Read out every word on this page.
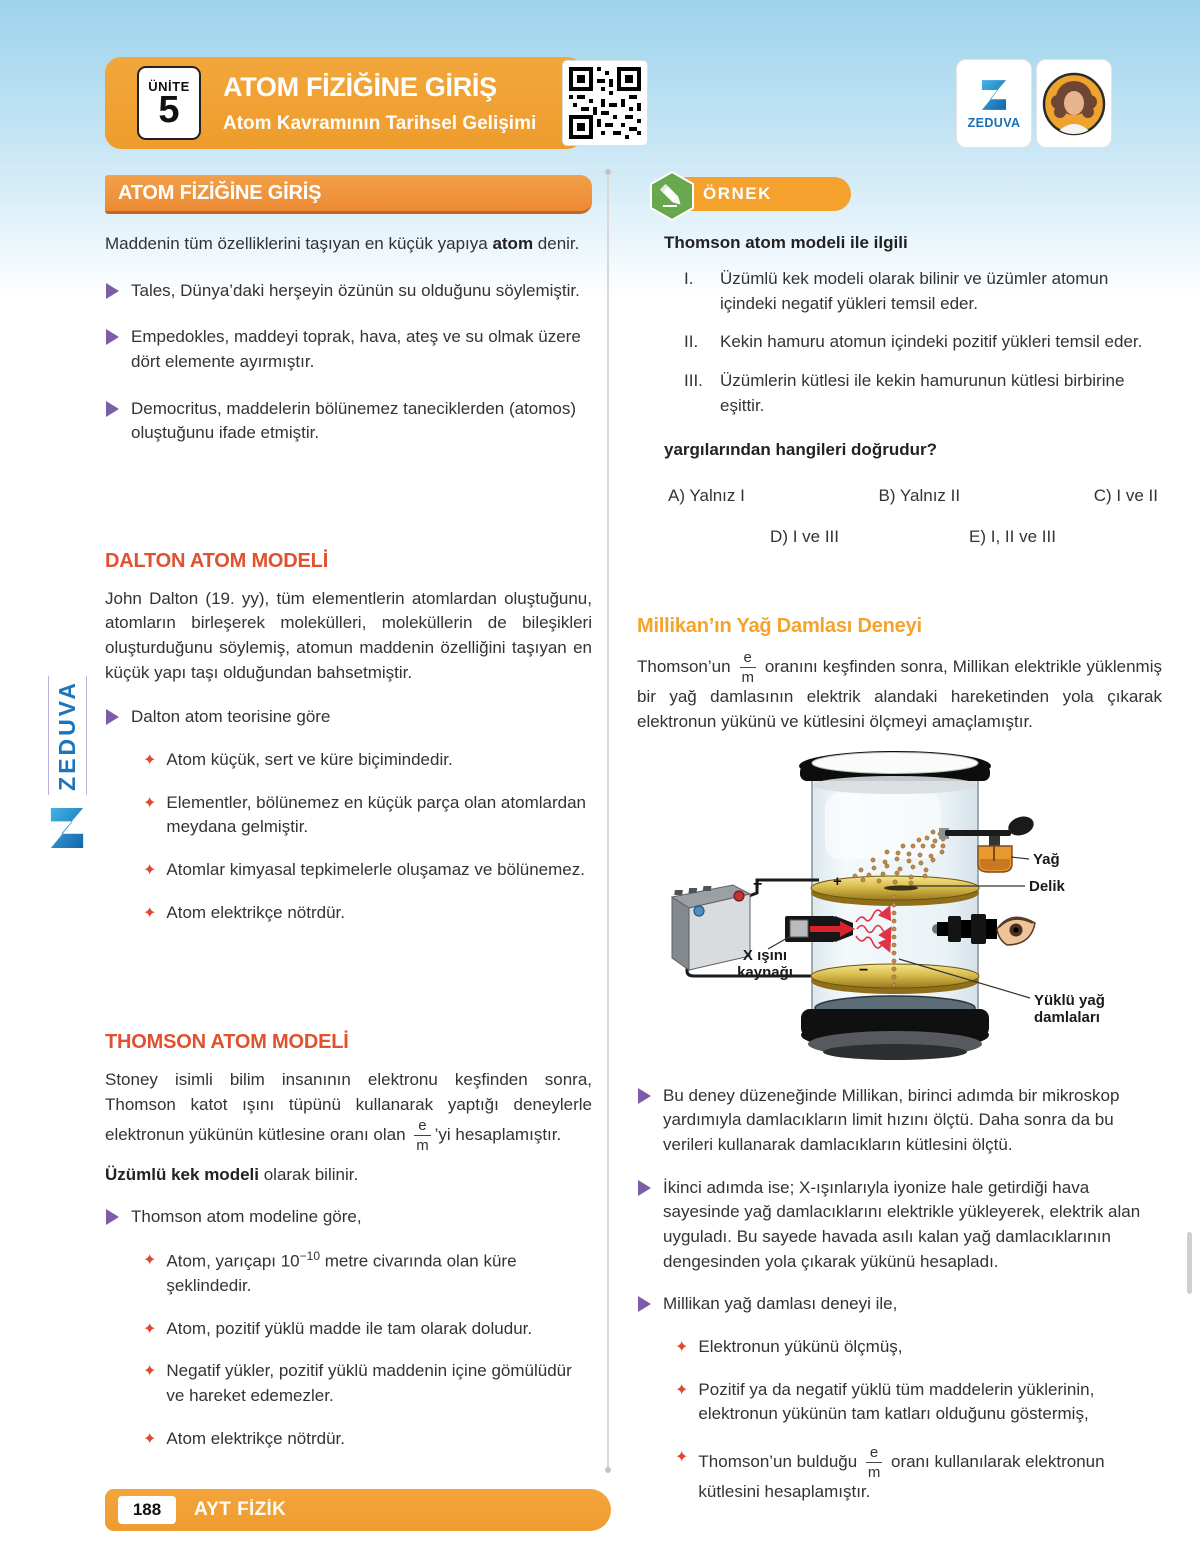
ÜNİTE
5
ATOM FİZİĞİNE GİRİŞ
Atom Kavramının Tarihsel Gelişimi	ZEDUVA
ZEDUVA
ATOM FİZİĞİNE GİRİŞ

Maddenin tüm özelliklerini taşıyan en küçük yapıya atom denir.

Tales, Dünya’daki herşeyin özünün su olduğunu söylemiştir.
Empedokles, maddeyi toprak, hava, ateş ve su olmak üzere dört elemente ayırmıştır.
Democritus, maddelerin bölünemez taneciklerden (atomos) oluştuğunu ifade etmiştir.
DALTON ATOM MODELİ

John Dalton (19. yy), tüm elementlerin atomlardan oluştuğunu, atomların birleşerek molekülleri, moleküllerin de bileşikleri oluşturduğunu söylemiş, atomun maddenin özelliğini taşıyan en küçük yapı taşı olduğundan bahsetmiştir.

Dalton atom teorisine göre
✦ Atom küçük, sert ve küre biçimindedir.
✦ Elementler, bölünemez en küçük parça olan atomlardan meydana gelmiştir.
✦ Atomlar kimyasal tepkimelerle oluşamaz ve bölünemez.
✦ Atom elektrikçe nötrdür.
THOMSON ATOM MODELİ

Stoney isimli bilim insanının elektronu keşfinden sonra, Thomson katot ışını tüpünü kullanarak yaptığı deneylerle elektronun yükünün kütlesine oranı olan $\frac{e}{m}$ ’yi hesaplamıştır.

Üzümlü kek modeli olarak bilinir.

Thomson atom modeline göre,
✦ Atom, yarıçapı $10^{-10}$ metre civarında olan küre şeklindedir.
✦ Atom, pozitif yüklü madde ile tam olarak doludur.
✦ Negatif yükler, pozitif yüklü maddenin içine gömülüdür ve hareket edemezler.
✦ Atom elektrikçe nötrdür.
ÖRNEK

Thomson atom modeli ile ilgili

I.	Üzümlü kek modeli olarak bilinir ve üzümler atomun içindeki negatif yükleri temsil eder.
II.	Kekin hamuru atomun içindeki pozitif yükleri temsil eder.
III.	Üzümlerin kütlesi ile kekin hamurunun kütlesi birbirine eşittir.

yargılarından hangileri doğrudur?

A) Yalnız I	B) Yalnız II	C) I ve II
D) I ve III	E) I, II ve III
Millikan’ın Yağ Damlası Deneyi

Thomson’un $\frac{e}{m}$ oranını keşfinden sonra, Millikan elektrikle yüklenmiş bir yağ damlasının elektrik alandaki hareketinden yola çıkarak elektronun yükünü ve kütlesini ölçmeyi amaçlamıştır.

+	+
−
Yağ
Delik
X ışını
kaynağı
Yüklü yağ
damlaları
Bu deney düzeneğinde Millikan, birinci adımda bir mikroskop yardımıyla damlacıkların limit hızını ölçtü. Daha sonra da bu verileri kullanarak damlacıkların kütlesini ölçtü.
İkinci adımda ise; X-ışınlarıyla iyonize hale getirdiği hava sayesinde yağ damlacıklarını elektrikle yükleyerek, elektrik alan uyguladı. Bu sayede havada asılı kalan yağ damlacıklarının dengesinden yola çıkarak yükünü hesapladı.
Millikan yağ damlası deneyi ile,
✦ Elektronun yükünü ölçmüş,
✦ Pozitif ya da negatif yüklü tüm maddelerin yüklerinin, elektronun yükünün tam katları olduğunu göstermiş,
✦ Thomson’un bulduğu $\frac{e}{m}$ oranı kullanılarak elektronun kütlesini hesaplamıştır.
188	AYT FİZİK
